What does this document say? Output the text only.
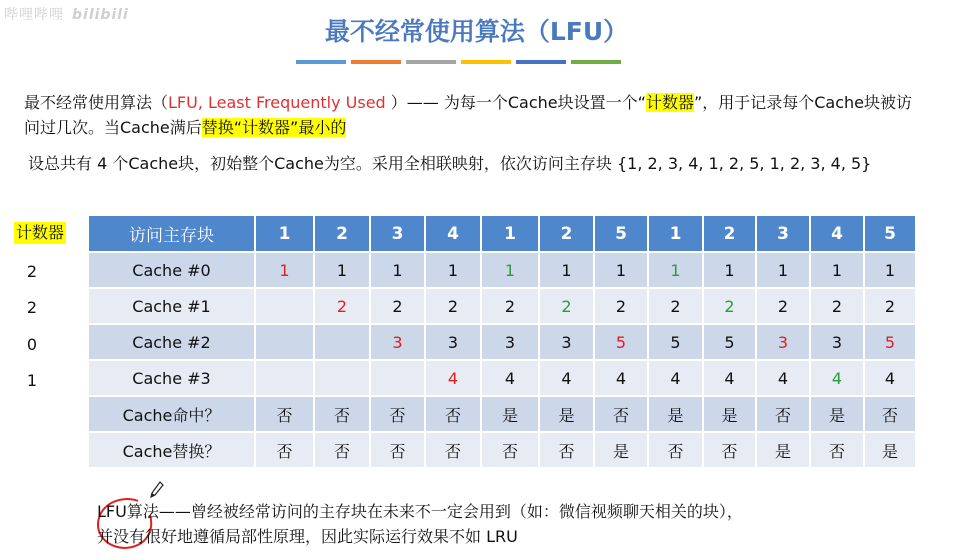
哔哩哔哩 bilibili
最不经常使用算法（LFU）
最不经常使用算法（LFU, Least Frequently Used ）—— 为每一个Cache块设置一个“计数器”，用于记录每个Cache块被访问过几次。当Cache满后替换“计数器”最小的
设总共有 4 个Cache块，初始整个Cache为空。采用全相联映射，依次访问主存块 {1, 2, 3, 4, 1, 2, 5, 1, 2, 3, 4, 5}
计数器
2
2
0
1
访问主存块	1	2	3	4	1	2	5	1	2	3	4	5
Cache #0	1	1	1	1	1	1	1	1	1	1	1	1
Cache #1		2	2	2	2	2	2	2	2	2	2	2
Cache #2			3	3	3	3	5	5	5	3	3	5
Cache #3				4	4	4	4	4	4	4	4	4
Cache命中？	否	否	否	否	是	是	否	是	是	否	是	否
Cache替换？	否	否	否	否	否	否	是	否	否	是	否	是
LFU算法——曾经被经常访问的主存块在未来不一定会用到（如：微信视频聊天相关的块），
并没有很好地遵循局部性原理，因此实际运行效果不如 LRU
